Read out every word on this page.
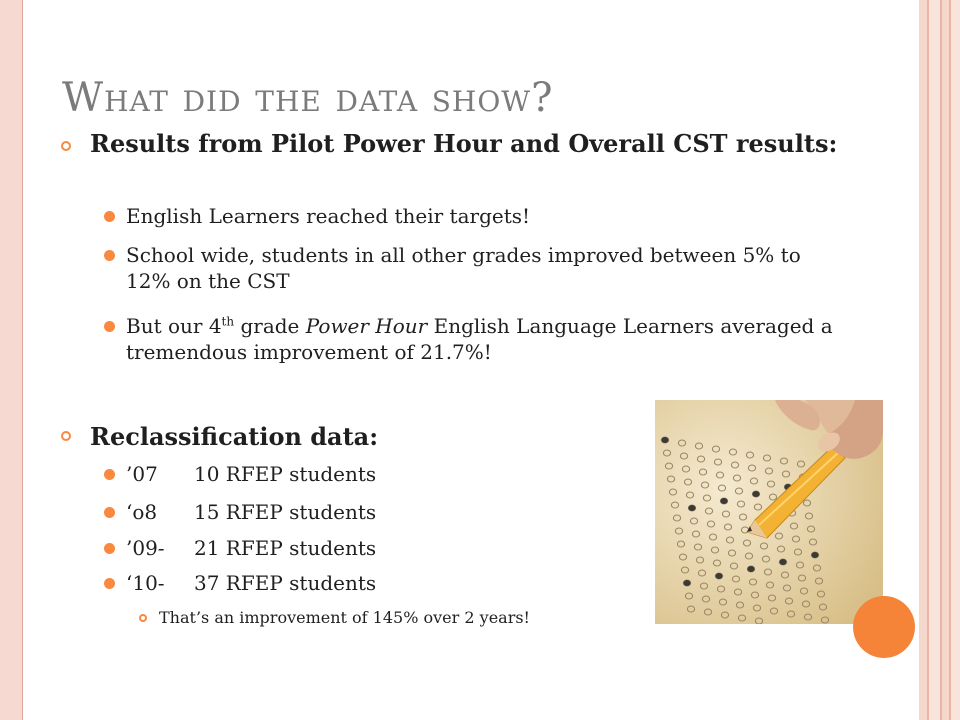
What did the data show?
Results from Pilot Power Hour and Overall CST results:
English Learners reached their targets!
School wide, students in all other grades improved between 5% to 12% on the CST
But our 4th grade Power Hour English Language Learners averaged a tremendous improvement of 21.7%!
Reclassification data:
’07 10 RFEP students
‘o8 15 RFEP students
’09- 21 RFEP students
‘10- 37 RFEP students
That’s an improvement of 145% over 2 years!
